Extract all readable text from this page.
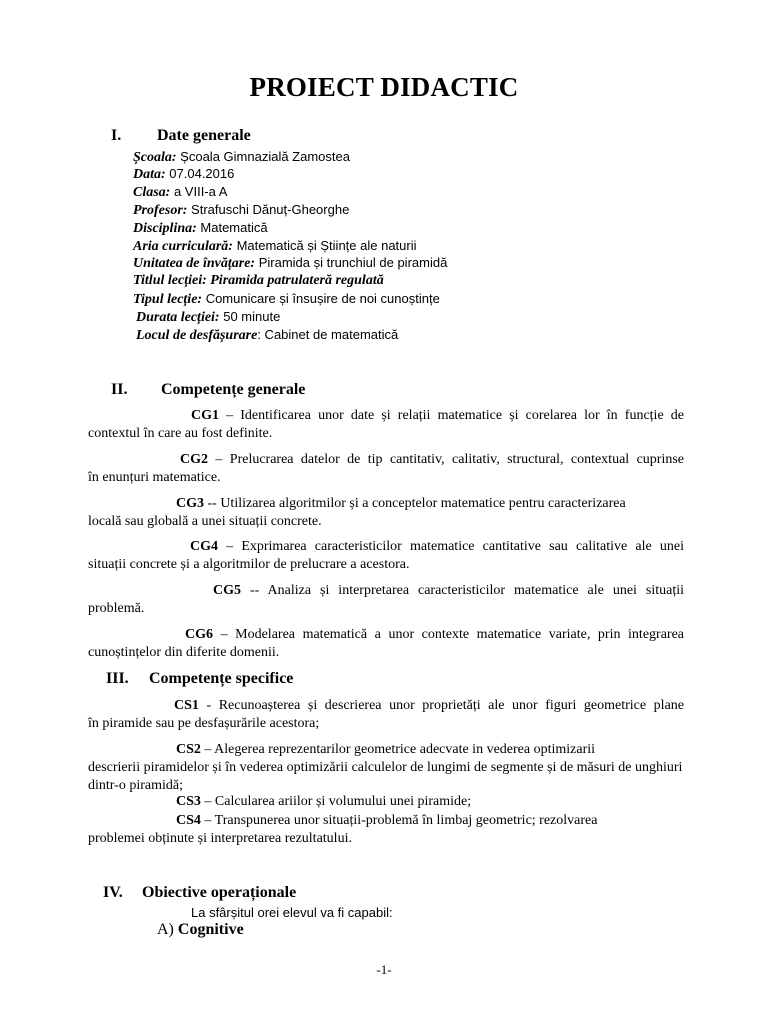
PROIECT DIDACTIC
I. Date generale
Școala: Școala Gimnazială Zamostea
Data: 07.04.2016
Clasa: a VIII-a A
Profesor: Strafuschi Dănuț-Gheorghe
Disciplina: Matematică
Aria curriculară: Matematică și Științe ale naturii
Unitatea de învățare: Piramida și trunchiul de piramidă
Titlul lecției: Piramida patrulateră regulată
Tipul lecție: Comunicare și însușire de noi cunoștințe
Durata lecției: 50 minute
Locul de desfășurare: Cabinet de matematică
II. Competențe generale
CG1 – Identificarea unor date și relații matematice și corelarea lor în funcție de
contextul în care au fost definite.
CG2 – Prelucrarea datelor de tip cantitativ, calitativ, structural, contextual cuprinse
în enunțuri matematice.
CG3 -- Utilizarea algoritmilor și a conceptelor matematice pentru caracterizarea
locală sau globală a unei situații concrete.
CG4 – Exprimarea caracteristicilor matematice cantitative sau calitative ale unei
situații concrete și a algoritmilor de prelucrare a acestora.
CG5 -- Analiza și interpretarea caracteristicilor matematice ale unei situații
problemă.
CG6 – Modelarea matematică a unor contexte matematice variate, prin integrarea
cunoștințelor din diferite domenii.
III. Competențe specifice
CS1 - Recunoașterea și descrierea unor proprietăți ale unor figuri geometrice plane
în piramide sau pe desfașurările acestora;
CS2 – Alegerea reprezentarilor geometrice adecvate in vederea optimizarii
descrierii piramidelor și în vederea optimizării calculelor de lungimi de segmente și de măsuri de unghiuri dintr-o piramidă;
CS3 – Calcularea ariilor și volumului unei piramide;
CS4 – Transpunerea unor situații-problemă în limbaj geometric; rezolvarea
problemei obținute și interpretarea rezultatului.
IV. Obiective operaționale
La sfârșitul orei elevul va fi capabil:
A) Cognitive
-1-
